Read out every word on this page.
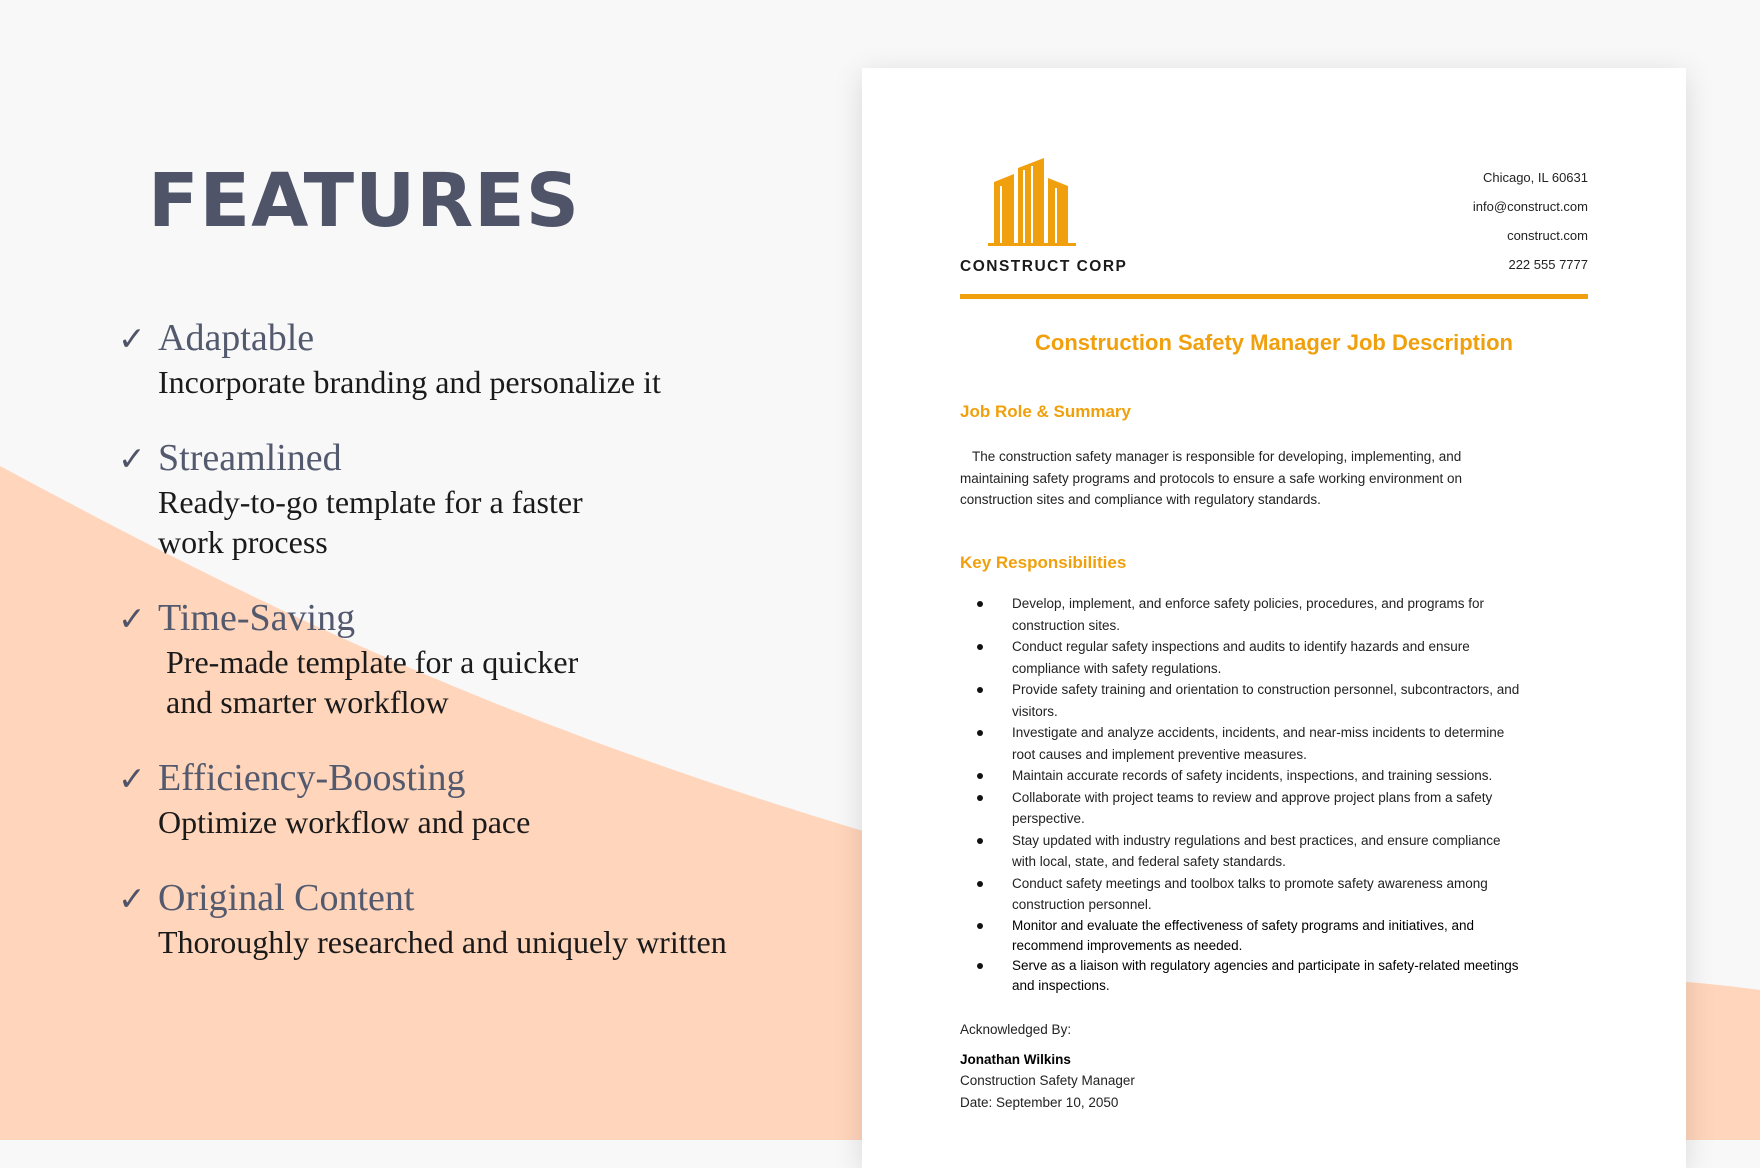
FEATURES
✓ Adaptable
Incorporate branding and personalize it
✓ Streamlined
Ready-to-go template for a faster
work process
✓ Time-Saving
Pre-made template for a quicker
and smarter workflow
✓ Efficiency-Boosting
Optimize workflow and pace
✓ Original Content
Thoroughly researched and uniquely written
CONSTRUCT CORP
Chicago, IL 60631
info@construct.com
construct.com
222 555 7777
Construction Safety Manager Job Description
Job Role & Summary
The construction safety manager is responsible for developing, implementing, and
maintaining safety programs and protocols to ensure a safe working environment on
construction sites and compliance with regulatory standards.
Key Responsibilities
Develop, implement, and enforce safety policies, procedures, and programs for
construction sites.
Conduct regular safety inspections and audits to identify hazards and ensure
compliance with safety regulations.
Provide safety training and orientation to construction personnel, subcontractors, and
visitors.
Investigate and analyze accidents, incidents, and near-miss incidents to determine
root causes and implement preventive measures.
Maintain accurate records of safety incidents, inspections, and training sessions.
Collaborate with project teams to review and approve project plans from a safety
perspective.
Stay updated with industry regulations and best practices, and ensure compliance
with local, state, and federal safety standards.
Conduct safety meetings and toolbox talks to promote safety awareness among
construction personnel.
Monitor and evaluate the effectiveness of safety programs and initiatives, and
recommend improvements as needed.
Serve as a liaison with regulatory agencies and participate in safety-related meetings
and inspections.
Acknowledged By:
Jonathan Wilkins
Construction Safety Manager
Date: September 10, 2050
